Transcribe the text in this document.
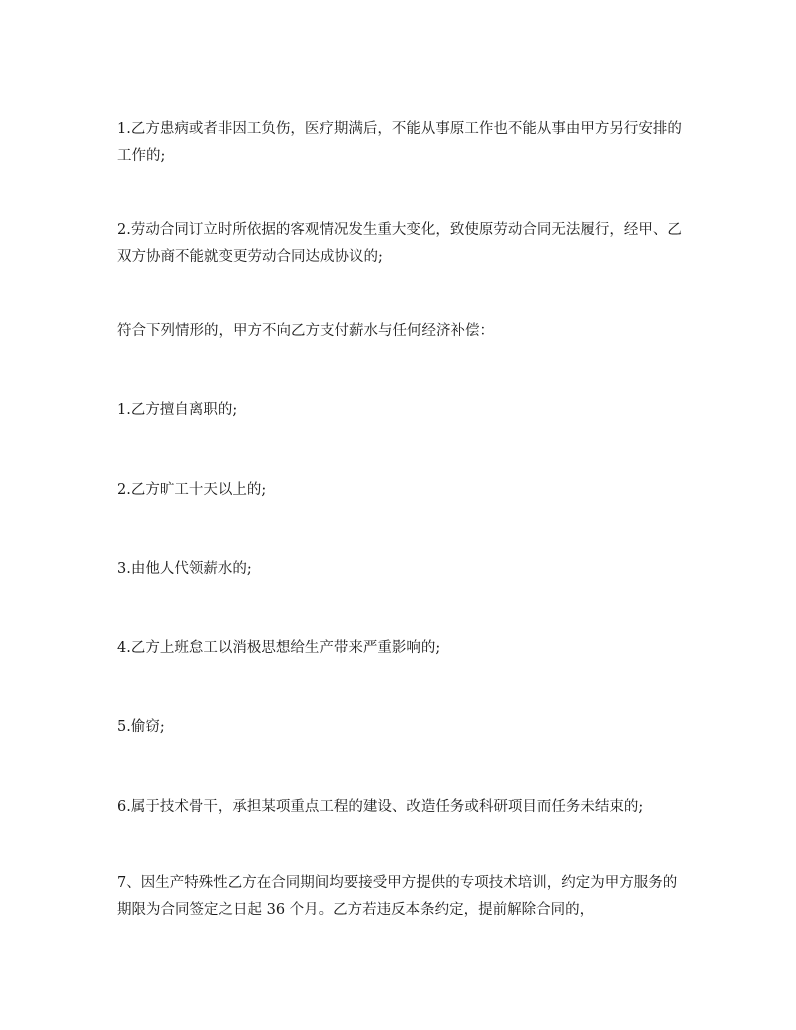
1.乙方患病或者非因工负伤，医疗期满后，不能从事原工作也不能从事由甲方另行安排的工作的;

2.劳动合同订立时所依据的客观情况发生重大变化，致使原劳动合同无法履行，经甲、乙双方协商不能就变更劳动合同达成协议的;

符合下列情形的，甲方不向乙方支付薪水与任何经济补偿：

1.乙方擅自离职的;

2.乙方旷工十天以上的;

3.由他人代领薪水的;

4.乙方上班怠工以消极思想给生产带来严重影响的;

5.偷窃;

6.属于技术骨干，承担某项重点工程的建设、改造任务或科研项目而任务未结束的;

7、因生产特殊性乙方在合同期间均要接受甲方提供的专项技术培训，约定为甲方服务的期限为合同签定之日起 36 个月。乙方若违反本条约定，提前解除合同的，
